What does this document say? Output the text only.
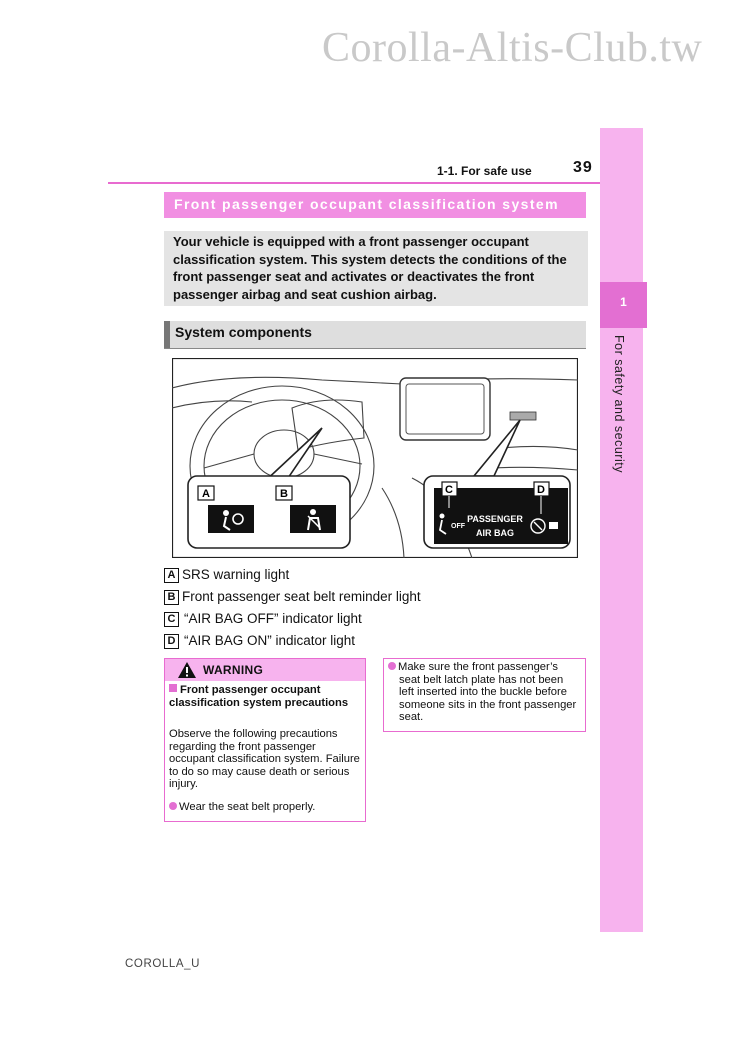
Corolla-Altis-Club.tw
1
For safety and security
1-1. For safe use	39
Front passenger occupant classification system
Your vehicle is equipped with a front passenger occupant classification system. This system detects the conditions of the front passenger seat and activates or deactivates the front passenger airbag and seat cushion airbag.
System components
A	B	C	D
OFF
PASSENGER
AIR BAG
A SRS warning light
B Front passenger seat belt reminder light
C “AIR BAG OFF” indicator light
D “AIR BAG ON” indicator light
WARNING
Front passenger occupant classification system precautions
Observe the following precautions regarding the front passenger occupant classification system. Failure to do so may cause death or serious injury.
Wear the seat belt properly.
Make sure the front passenger’s
seat belt latch plate has not been left inserted into the buckle before someone sits in the front passenger seat.
COROLLA_U
